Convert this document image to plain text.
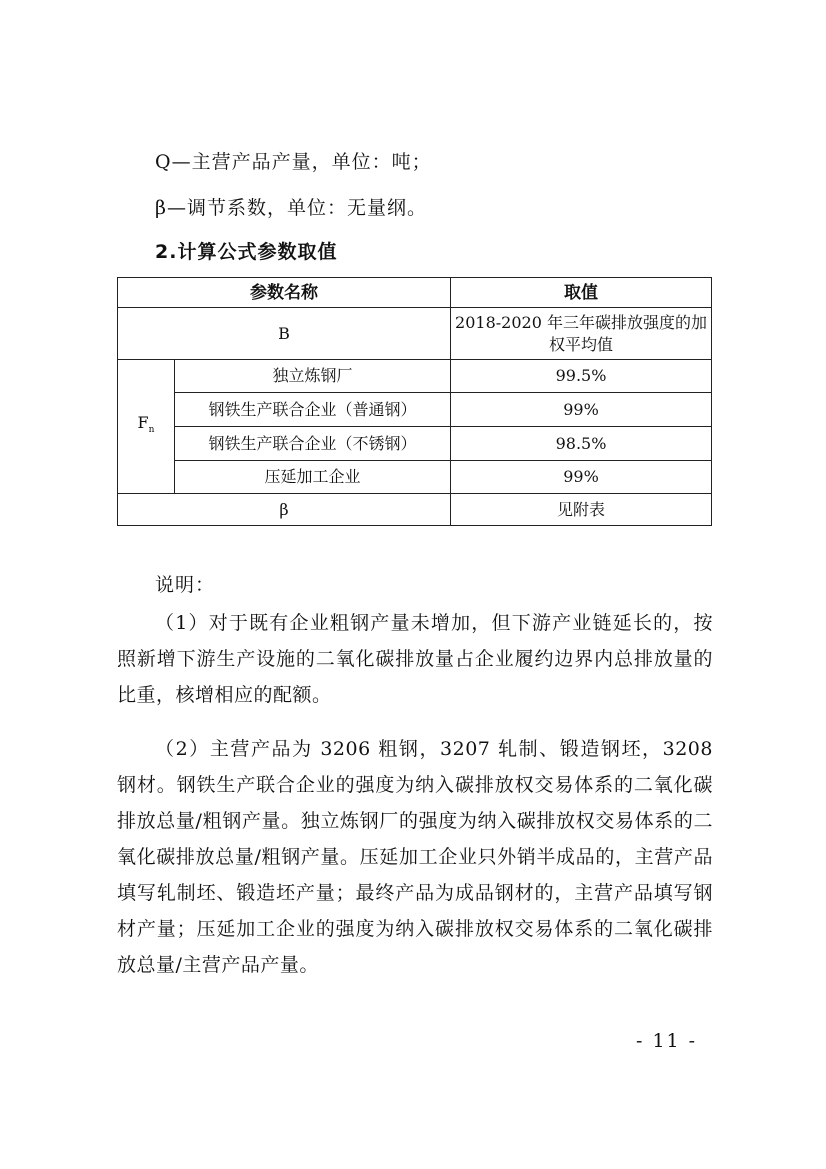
Q—主营产品产量，单位：吨；
β—调节系数，单位：无量纲。
2.计算公式参数取值
参数名称		取值
B		2018-2020 年三年碳排放强度的加权平均值
$F_n$	独立炼钢厂	99.5%
	钢铁生产联合企业（普通钢）	99%
	钢铁生产联合企业（不锈钢）	98.5%
	压延加工企业	99%
β		见附表
说明：
（1）对于既有企业粗钢产量未增加，但下游产业链延长的，按照新增下游生产设施的二氧化碳排放量占企业履约边界内总排放量的比重，核增相应的配额。
（2）主营产品为 3206 粗钢，3207 轧制、锻造钢坯，3208 钢材。钢铁生产联合企业的强度为纳入碳排放权交易体系的二氧化碳排放总量/粗钢产量。独立炼钢厂的强度为纳入碳排放权交易体系的二氧化碳排放总量/粗钢产量。压延加工企业只外销半成品的，主营产品填写轧制坯、锻造坯产量；最终产品为成品钢材的，主营产品填写钢材产量；压延加工企业的强度为纳入碳排放权交易体系的二氧化碳排放总量/主营产品产量。
- 11 -
